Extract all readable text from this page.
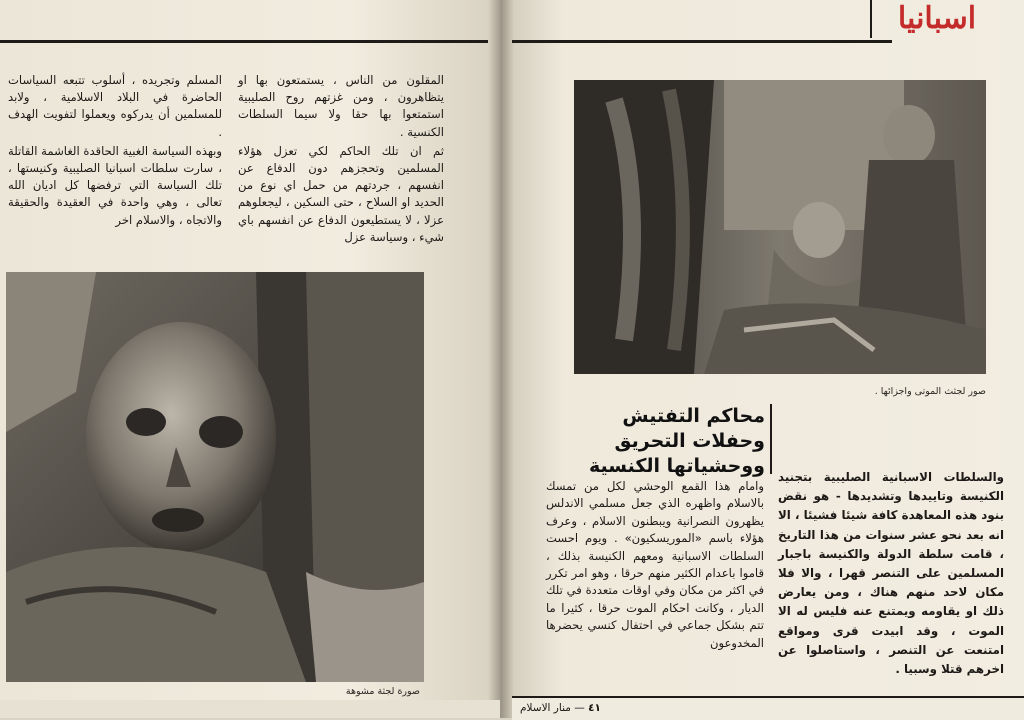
اسبانيا

المقلون من الناس ، يستمتعون بها او يتظاهرون ، ومن غزتهم روح الصليبية استمتعوا بها حقا ولا سيما السلطات الكنسية .

ثم ان تلك الحاكم لكي تعزل هؤلاء المسلمين وتحجزهم دون الدفاع عن انفسهم ، جردتهم من حمل اي نوع من الحديد او السلاح ، حتى السكين ، ليجعلوهم عزلا ، لا يستطيعون الدفاع عن انفسهم باي شيء ، وسياسة عزل

المسلم وتجريده ، أسلوب تتبعه السياسات الحاضرة في البلاد الاسلامية ، ولابد للمسلمين أن يدركوه ويعملوا لتفويت الهدف .

وبهذه السياسة الغبية الحاقدة الغاشمة القاتلة ، سارت سلطات اسبانيا الصليبية وكنيستها ، تلك السياسة التي ترفضها كل اديان الله تعالى ، وهي واحدة في العقيدة والحقيقة والاتجاه ، والاسلام اخر

صورة لجثة مشوهة
صور لجثث الموتى واجزائها .
محاكم التفتيش وحفلات التحريق ووحشياتها الكنسية

وامام هذا القمع الوحشي لكل من تمسك بالاسلام واظهره الذي جعل مسلمي الاندلس يظهرون النصرانية ويبطنون الاسلام ، وعرف هؤلاء باسم «الموريسكيون» . ويوم احست السلطات الاسبانية ومعهم الكنيسة بذلك ، قاموا باعدام الكثير منهم حرقا ، وهو امر تكرر في اكثر من مكان وفي اوقات متعددة في تلك الديار ، وكانت احكام الموت حرقا ، كثيرا ما تتم بشكل جماعي في احتفال كنسي يحضرها المخدوعون

والسلطات الاسبانية الصليبية بتجنيد الكنيسة وتاييدها وتشديدها - هو نقض بنود هذه المعاهدة كافة شيئا فشيئا ، الا انه بعد نحو عشر سنوات من هذا التاريخ ، قامت سلطة الدولة والكنيسة باجبار المسلمين على التنصر قهرا ، والا فلا مكان لاحد منهم هناك ، ومن يعارض ذلك او يقاومه ويمتنع عنه فليس له الا الموت ، وقد ابيدت قرى ومواقع امتنعت عن التنصر ، واستاصلوا عن اخرهم قتلا وسبيا .

٤١ — منار الاسلام
